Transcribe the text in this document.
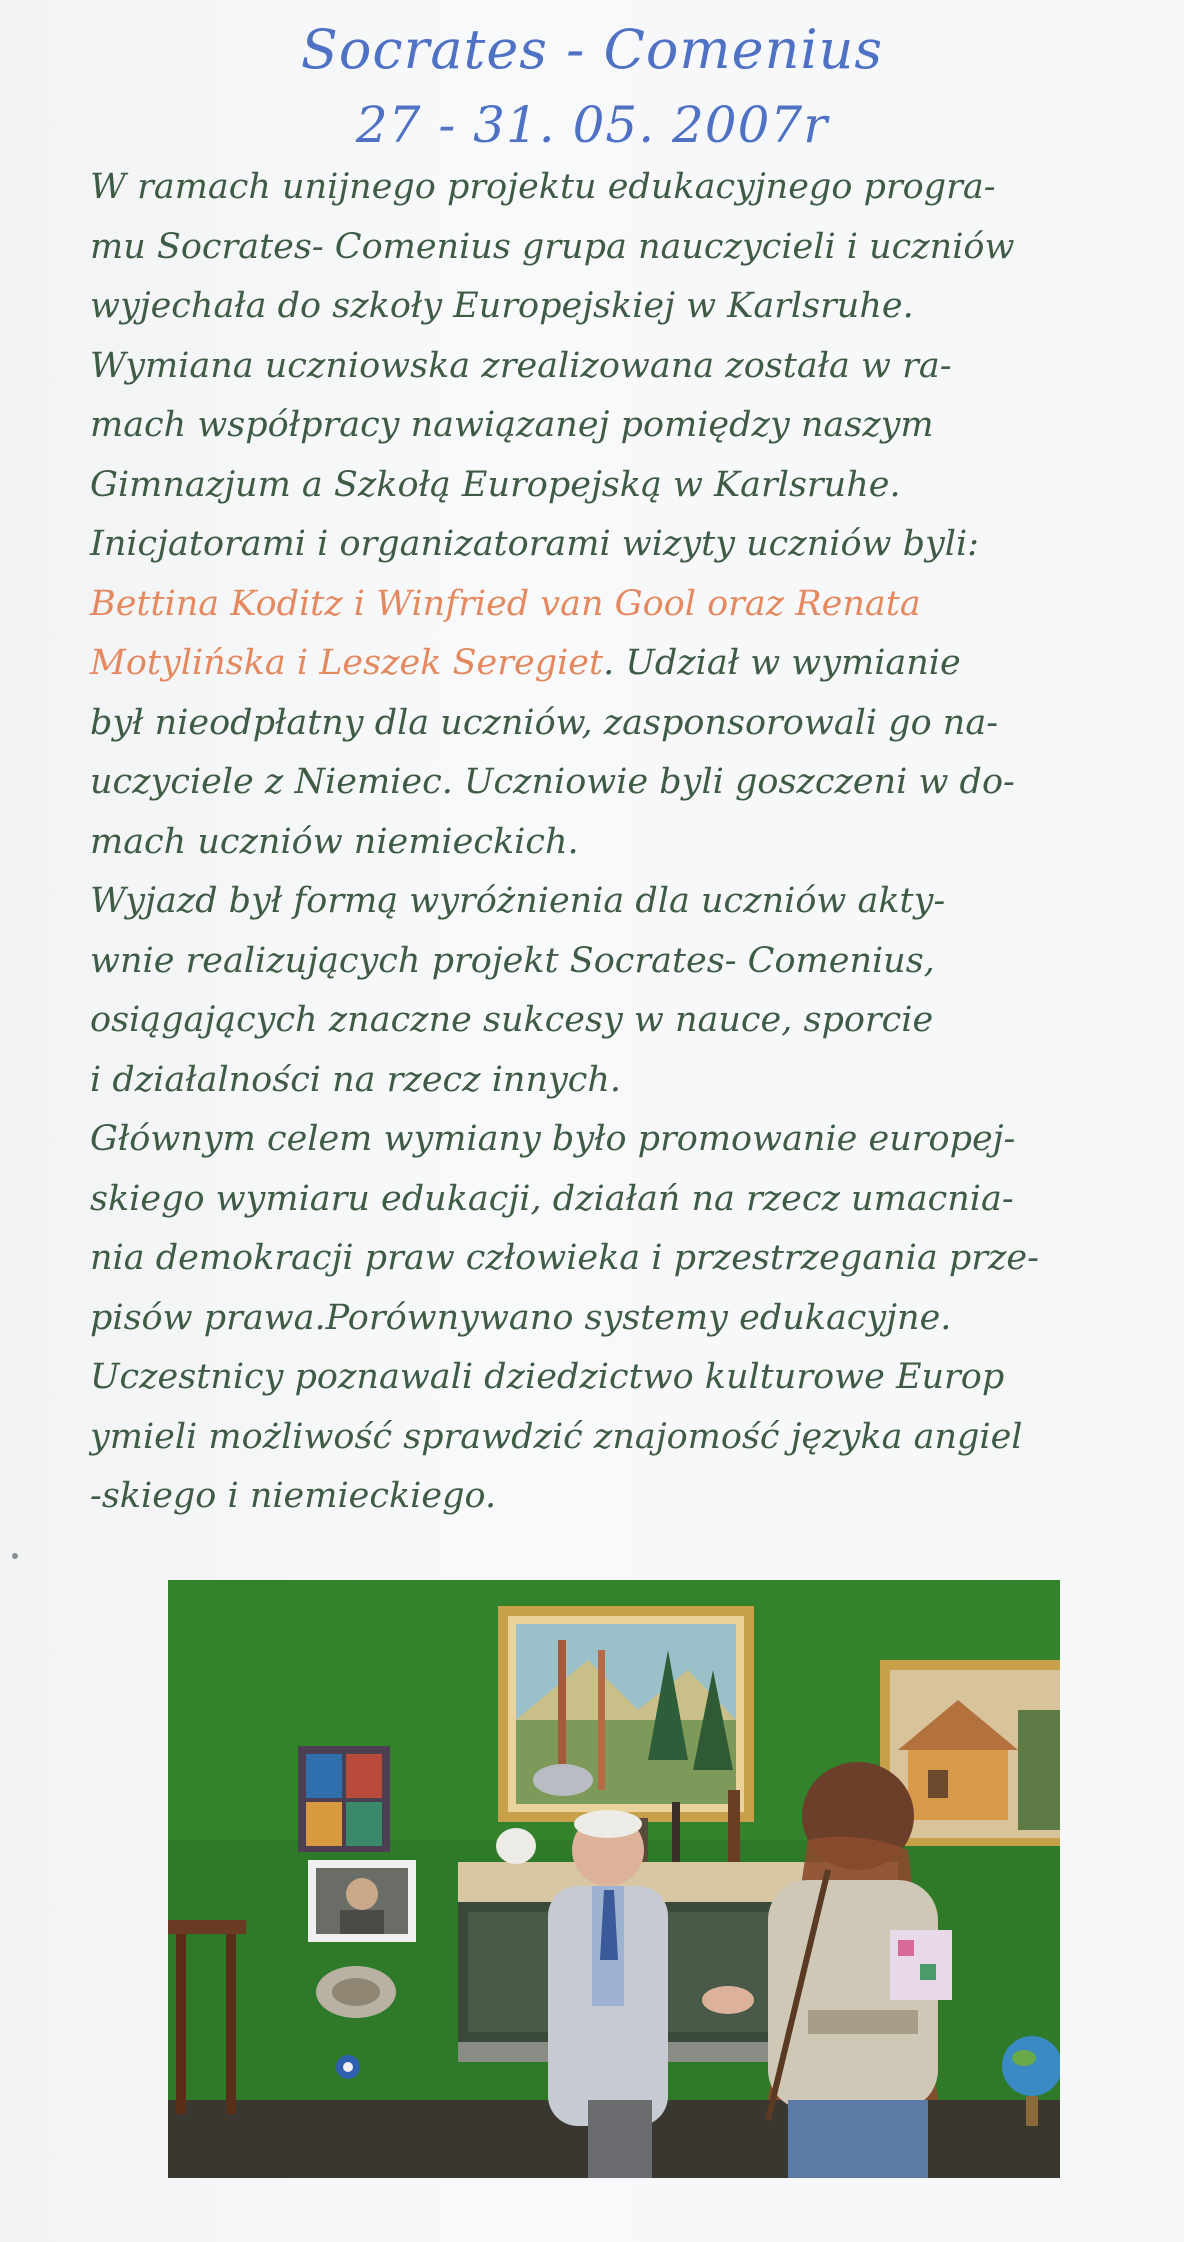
Socrates - Comenius
27 - 31. 05. 2007r
W ramach unijnego projektu edukacyjnego progra-
mu Socrates- Comenius grupa nauczycieli i uczniów
wyjechała do szkoły Europejskiej w Karlsruhe.
Wymiana uczniowska zrealizowana została w ra-
mach współpracy nawiązanej pomiędzy naszym
Gimnazjum a Szkołą Europejską w Karlsruhe.
Inicjatorami i organizatorami wizyty uczniów byli:
Bettina Koditz i Winfried van Gool oraz Renata
Motylińska i Leszek Seregiet. Udział w wymianie
był nieodpłatny dla uczniów, zasponsorowali go na-
uczyciele z Niemiec. Uczniowie byli goszczeni w do-
mach uczniów niemieckich.
Wyjazd był formą wyróżnienia dla uczniów akty-
wnie realizujących projekt Socrates- Comenius,
osiągających znaczne sukcesy w nauce, sporcie
i działalności na rzecz innych.
Głównym celem wymiany było promowanie europej-
skiego wymiaru edukacji, działań na rzecz umacnia-
nia demokracji praw człowieka i przestrzegania prze-
pisów prawa.Porównywano systemy edukacyjne.
Uczestnicy poznawali dziedzictwo kulturowe Europ
ymieli możliwość sprawdzić znajomość języka angiel
-skiego i niemieckiego.
